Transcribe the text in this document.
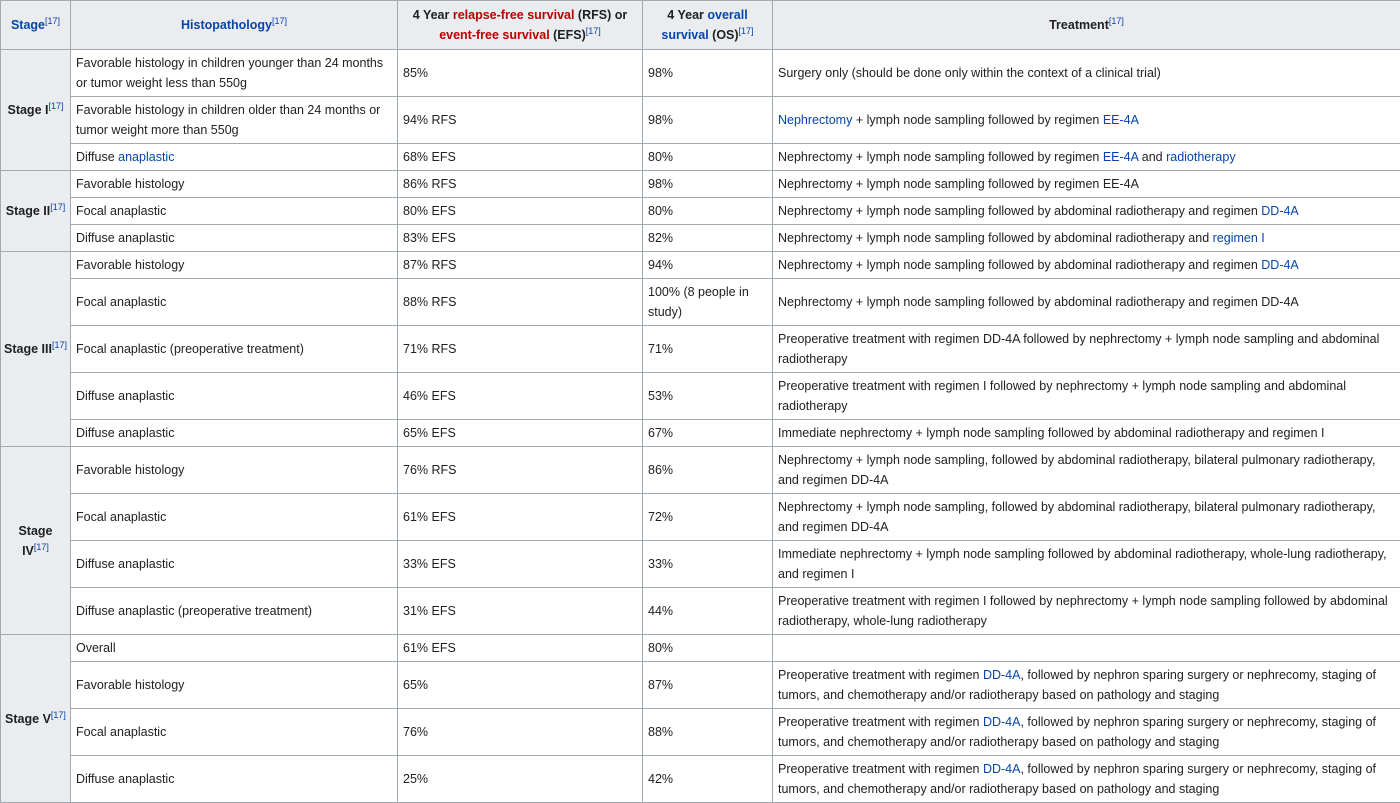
Stage[17]	Histopathology[17]	4 Year relapse-free survival (RFS) or event-free survival (EFS)[17]	4 Year overall survival (OS)[17]	Treatment[17]
Stage I[17]	Favorable histology in children younger than 24 months or tumor weight less than 550g	85%	98%	Surgery only (should be done only within the context of a clinical trial)
	Favorable histology in children older than 24 months or tumor weight more than 550g	94% RFS	98%	Nephrectomy + lymph node sampling followed by regimen EE-4A
	Diffuse anaplastic	68% EFS	80%	Nephrectomy + lymph node sampling followed by regimen EE-4A and radiotherapy
Stage II[17]	Favorable histology	86% RFS	98%	Nephrectomy + lymph node sampling followed by regimen EE-4A
	Focal anaplastic	80% EFS	80%	Nephrectomy + lymph node sampling followed by abdominal radiotherapy and regimen DD-4A
	Diffuse anaplastic	83% EFS	82%	Nephrectomy + lymph node sampling followed by abdominal radiotherapy and regimen I
Stage III[17]	Favorable histology	87% RFS	94%	Nephrectomy + lymph node sampling followed by abdominal radiotherapy and regimen DD-4A
	Focal anaplastic	88% RFS	100% (8 people in study)	Nephrectomy + lymph node sampling followed by abdominal radiotherapy and regimen DD-4A
	Focal anaplastic (preoperative treatment)	71% RFS	71%	Preoperative treatment with regimen DD-4A followed by nephrectomy + lymph node sampling and abdominal radiotherapy
	Diffuse anaplastic	46% EFS	53%	Preoperative treatment with regimen I followed by nephrectomy + lymph node sampling and abdominal radiotherapy
	Diffuse anaplastic	65% EFS	67%	Immediate nephrectomy + lymph node sampling followed by abdominal radiotherapy and regimen I
Stage IV[17]	Favorable histology	76% RFS	86%	Nephrectomy + lymph node sampling, followed by abdominal radiotherapy, bilateral pulmonary radiotherapy, and regimen DD-4A
	Focal anaplastic	61% EFS	72%	Nephrectomy + lymph node sampling, followed by abdominal radiotherapy, bilateral pulmonary radiotherapy, and regimen DD-4A
	Diffuse anaplastic	33% EFS	33%	Immediate nephrectomy + lymph node sampling followed by abdominal radiotherapy, whole-lung radiotherapy, and regimen I
	Diffuse anaplastic (preoperative treatment)	31% EFS	44%	Preoperative treatment with regimen I followed by nephrectomy + lymph node sampling followed by abdominal radiotherapy, whole-lung radiotherapy
Stage V[17]	Overall	61% EFS	80%	
	Favorable histology	65%	87%	Preoperative treatment with regimen DD-4A, followed by nephron sparing surgery or nephrecomy, staging of tumors, and chemotherapy and/or radiotherapy based on pathology and staging
	Focal anaplastic	76%	88%	Preoperative treatment with regimen DD-4A, followed by nephron sparing surgery or nephrecomy, staging of tumors, and chemotherapy and/or radiotherapy based on pathology and staging
	Diffuse anaplastic	25%	42%	Preoperative treatment with regimen DD-4A, followed by nephron sparing surgery or nephrecomy, staging of tumors, and chemotherapy and/or radiotherapy based on pathology and staging
